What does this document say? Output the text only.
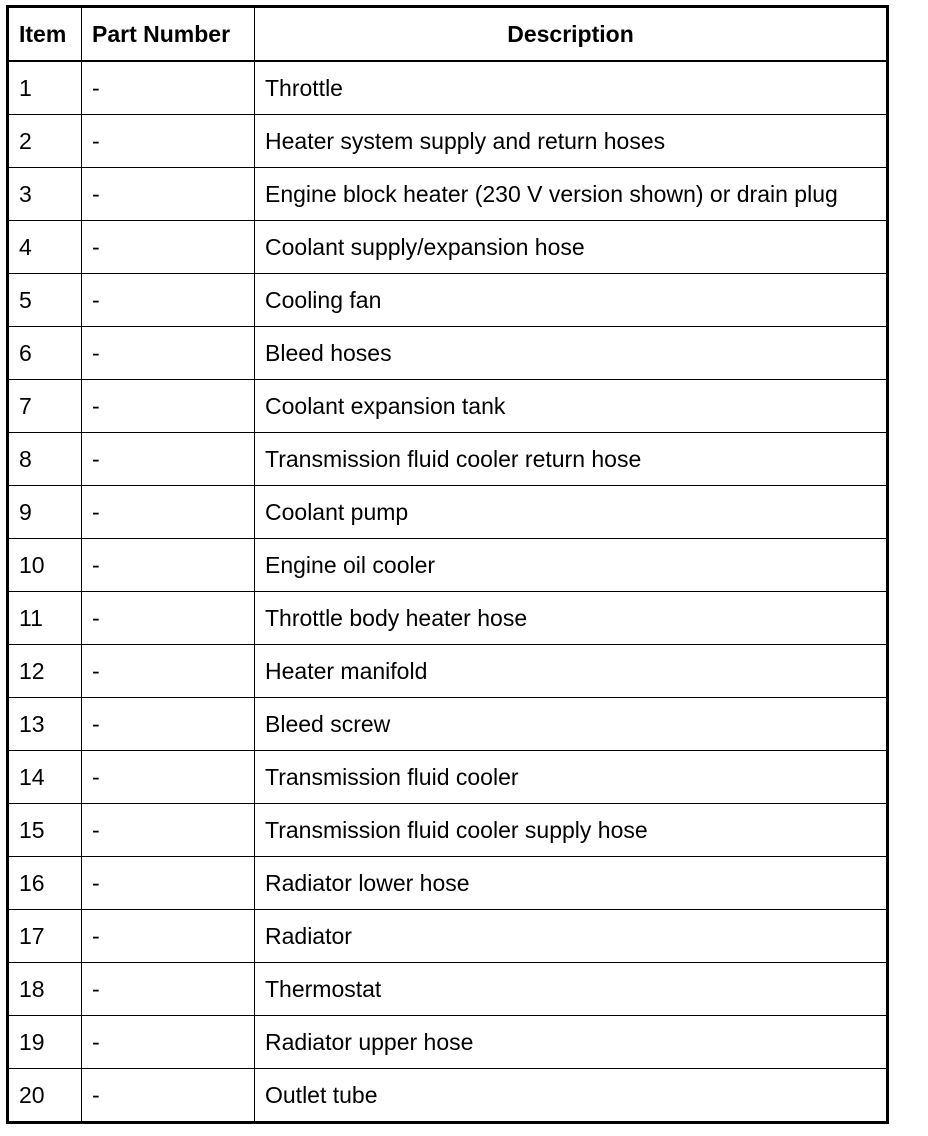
Item	Part Number	Description
1	-	Throttle
2	-	Heater system supply and return hoses
3	-	Engine block heater (230 V version shown) or drain plug
4	-	Coolant supply/expansion hose
5	-	Cooling fan
6	-	Bleed hoses
7	-	Coolant expansion tank
8	-	Transmission fluid cooler return hose
9	-	Coolant pump
10	-	Engine oil cooler
11	-	Throttle body heater hose
12	-	Heater manifold
13	-	Bleed screw
14	-	Transmission fluid cooler
15	-	Transmission fluid cooler supply hose
16	-	Radiator lower hose
17	-	Radiator
18	-	Thermostat
19	-	Radiator upper hose
20	-	Outlet tube
